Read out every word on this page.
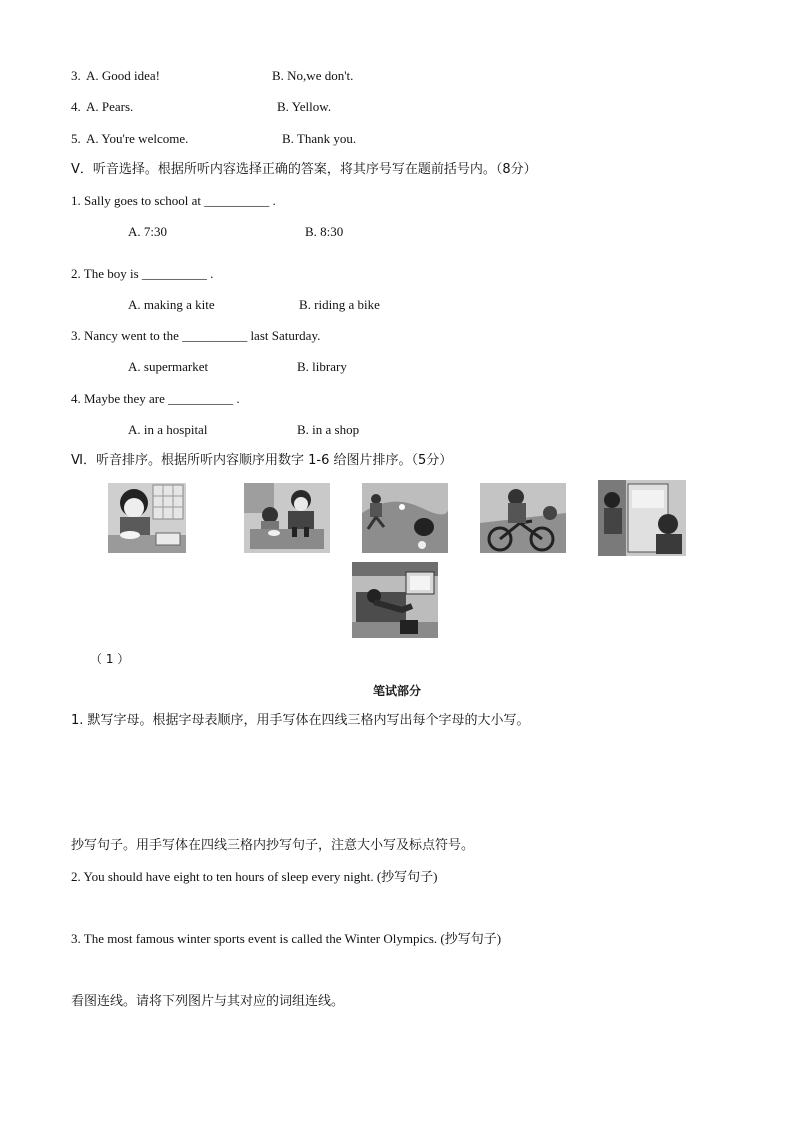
3. A. Good idea!	B. No,we don't.
4. A. Pears.	B. Yellow.
5. A. You're welcome.	B. Thank you.
V．听音选择。根据所听内容选择正确的答案，将其序号写在题前括号内。（8分）
1. Sally goes to school at __________ .
A. 7:30	B. 8:30
2. The boy is __________ .
A. making a kite	B. riding a bike
3. Nancy went to the __________ last Saturday.
A. supermarket	B. library
4. Maybe they are __________ .
A. in a hospital	B. in a shop
Ⅵ．听音排序。根据所听内容顺序用数字 1-6 给图片排序。（5分）
（ 1 ）
笔试部分
1. 默写字母。根据字母表顺序，用手写体在四线三格内写出每个字母的大小写。
抄写句子。用手写体在四线三格内抄写句子，注意大小写及标点符号。
2. You should have eight to ten hours of sleep every night. (抄写句子)
3. The most famous winter sports event is called the Winter Olympics. (抄写句子)
看图连线。请将下列图片与其对应的词组连线。
